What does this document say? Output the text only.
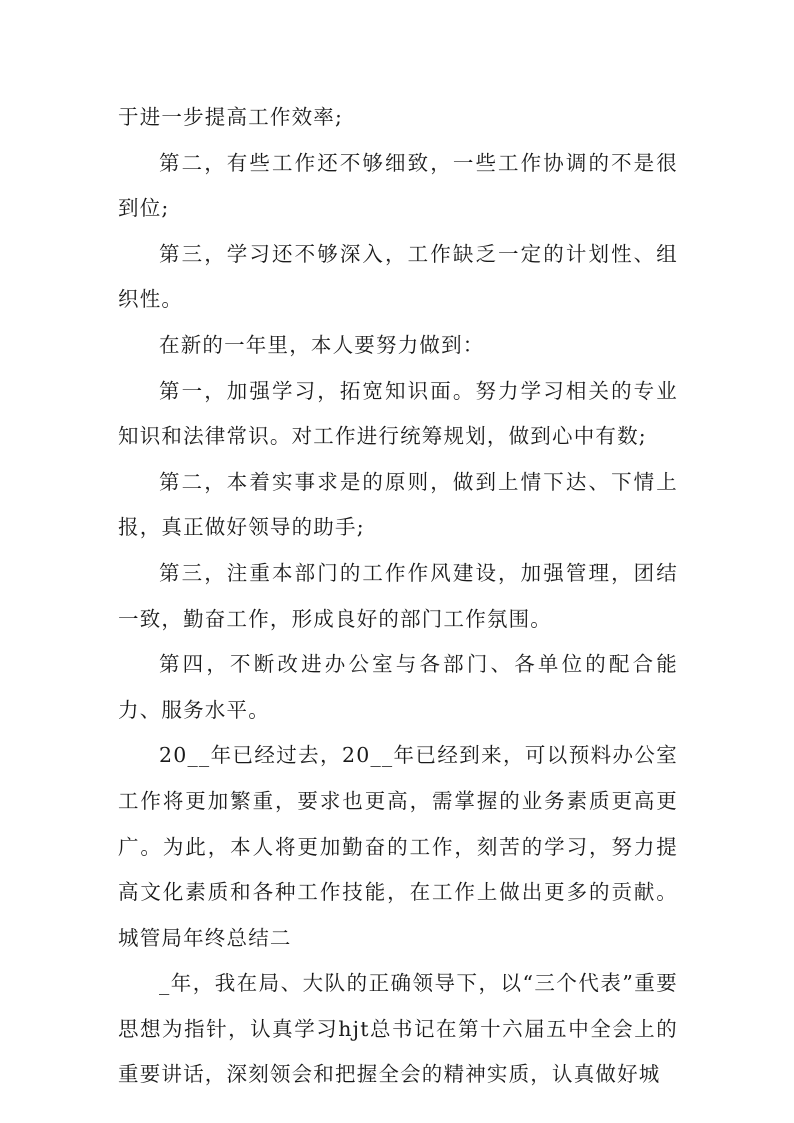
于进一步提高工作效率;

第二，有些工作还不够细致，一些工作协调的不是很到位;

第三，学习还不够深入，工作缺乏一定的计划性、组织性。

在新的一年里，本人要努力做到：

第一，加强学习，拓宽知识面。努力学习相关的专业知识和法律常识。对工作进行统筹规划，做到心中有数;

第二，本着实事求是的原则，做到上情下达、下情上报，真正做好领导的助手;

第三，注重本部门的工作作风建设，加强管理，团结一致，勤奋工作，形成良好的部门工作氛围。

第四，不断改进办公室与各部门、各单位的配合能力、服务水平。

20__年已经过去，20__年已经到来，可以预料办公室工作将更加繁重，要求也更高，需掌握的业务素质更高更广。为此，本人将更加勤奋的工作，刻苦的学习，努力提高文化素质和各种工作技能，在工作上做出更多的贡献。城管局年终总结二

_年，我在局、大队的正确领导下，以“三个代表”重要思想为指针，认真学习hjt总书记在第十六届五中全会上的重要讲话，深刻领会和把握全会的精神实质，认真做好城
